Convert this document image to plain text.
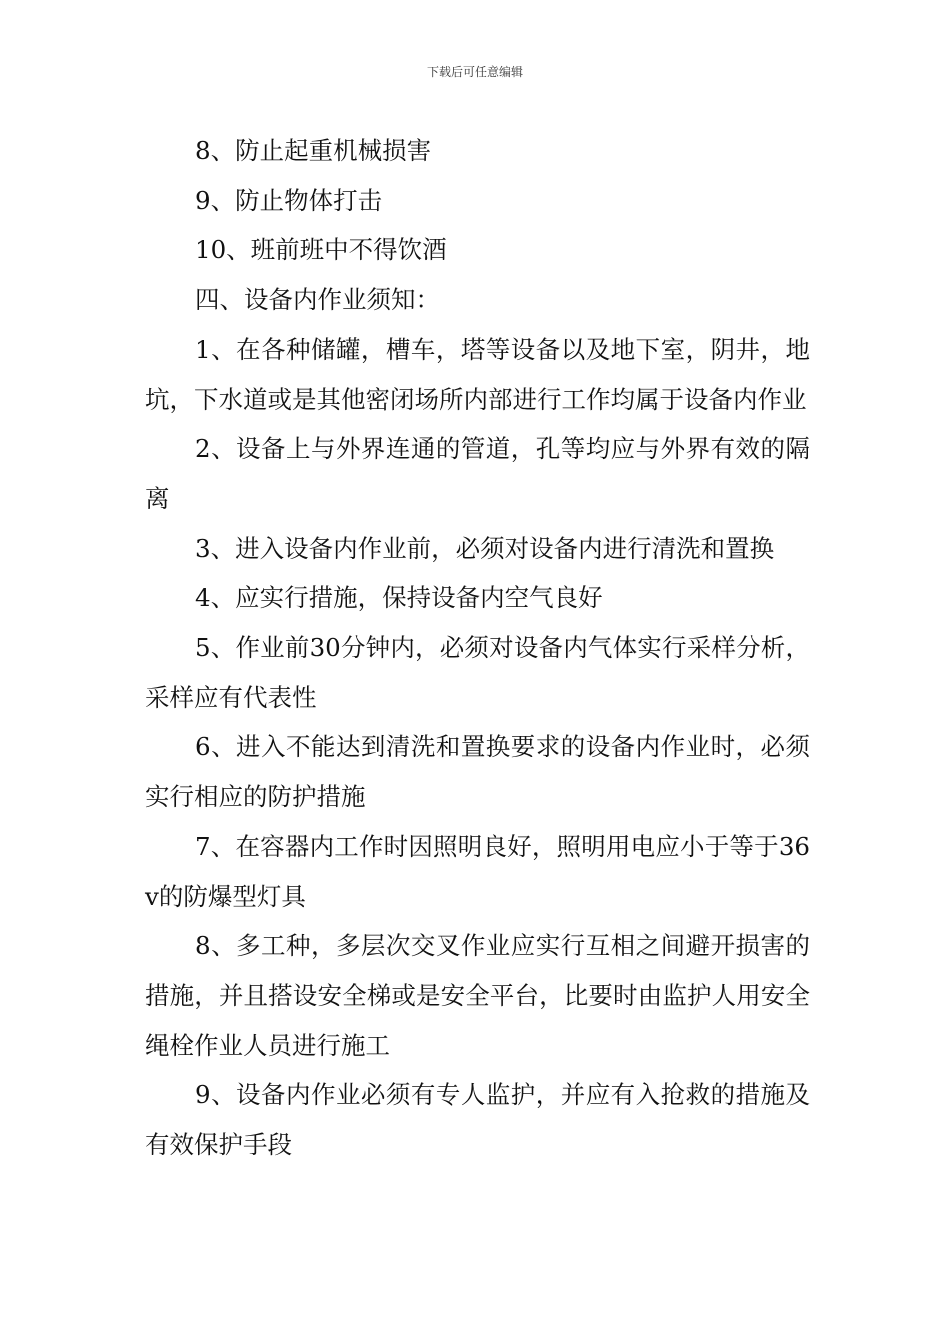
下载后可任意编辑

8、防止起重机械损害

9、防止物体打击

10、班前班中不得饮酒

四、设备内作业须知：

1、在各种储罐，槽车，塔等设备以及地下室，阴井，地坑，下水道或是其他密闭场所内部进行工作均属于设备内作业

2、设备上与外界连通的管道，孔等均应与外界有效的隔离

3、进入设备内作业前，必须对设备内进行清洗和置换

4、应实行措施，保持设备内空气良好

5、作业前30分钟内，必须对设备内气体实行采样分析，采样应有代表性

6、进入不能达到清洗和置换要求的设备内作业时，必须实行相应的防护措施

7、在容器内工作时因照明良好，照明用电应小于等于36v的防爆型灯具

8、多工种，多层次交叉作业应实行互相之间避开损害的措施，并且搭设安全梯或是安全平台，比要时由监护人用安全绳栓作业人员进行施工

9、设备内作业必须有专人监护，并应有入抢救的措施及有效保护手段
